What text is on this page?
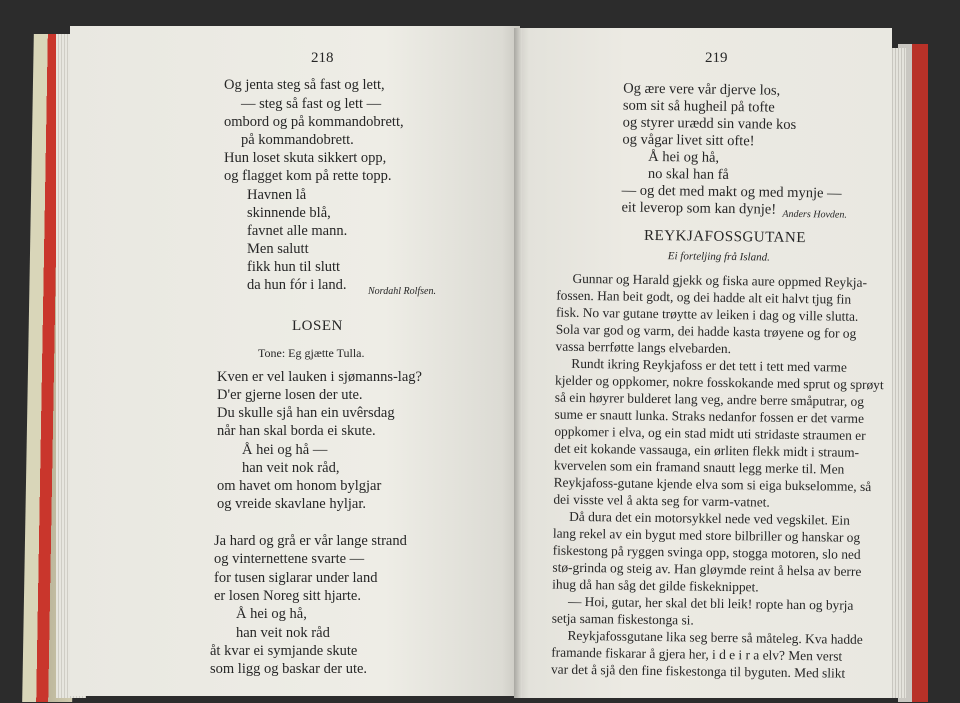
218
Og jenta steg så fast og lett,
— steg så fast og lett —
ombord og på kommandobrett,
på kommandobrett.
Hun loset skuta sikkert opp,
og flagget kom på rette topp.
Havnen lå
skinnende blå,
favnet alle mann.
Men salutt
fikk hun til slutt
da hun fór i land. Nordahl Rolfsen.
LOSEN
Tone: Eg gjætte Tulla.
Kven er vel lauken i sjømanns-lag?
D'er gjerne losen der ute.
Du skulle sjå han ein uvêrsdag
når han skal borda ei skute.
Å hei og hå —
han veit nok råd,
om havet om honom bylgjar
og vreide skavlane hyljar.
Ja hard og grå er vår lange strand
og vinternettene svarte —
for tusen siglarar under land
er losen Noreg sitt hjarte.
Å hei og hå,
han veit nok råd
åt kvar ei symjande skute
som ligg og baskar der ute.
219
Og ære vere vår djerve los,
som sit så hugheil på tofte
og styrer urædd sin vande kos
og vågar livet sitt ofte!
Å hei og hå,
no skal han få
— og det med makt og med mynje —
eit leverop som kan dynje! Anders Hovden.
REYKJAFOSSGUTANE
Ei forteljing frå Island.
Gunnar og Harald gjekk og fiska aure oppmed Reykja-
fossen. Han beit godt, og dei hadde alt eit halvt tjug fin
fisk. No var gutane trøytte av leiken i dag og ville slutta.
Sola var god og varm, dei hadde kasta trøyene og for og
vassa berrføtte langs elvebarden.
Rundt ikring Reykjafoss er det tett i tett med varme
kjelder og oppkomer, nokre fosskokande med sprut og sprøyt
så ein høyrer bulderet lang veg, andre berre småputrar, og
sume er snautt lunka. Straks nedanfor fossen er det varme
oppkomer i elva, og ein stad midt uti stridaste straumen er
det eit kokande vassauga, ein ørliten flekk midt i straum-
kvervelen som ein framand snautt legg merke til. Men
Reykjafoss-gutane kjende elva som si eiga bukselomme, så
dei visste vel å akta seg for varm-vatnet.
Då dura det ein motorsykkel nede ved vegskilet. Ein
lang rekel av ein bygut med store bilbriller og hanskar og
fiskestong på ryggen svinga opp, stogga motoren, slo ned
stø-grinda og steig av. Han gløymde reint å helsa av berre
ihug då han såg det gilde fiskeknippet.
— Hoi, gutar, her skal det bli leik! ropte han og byrja
setja saman fiskestonga si.
Reykjafossgutane lika seg berre så måteleg. Kva hadde
framande fiskarar å gjera her, i d e i r a elv? Men verst
var det å sjå den fine fiskestonga til byguten. Med slikt
